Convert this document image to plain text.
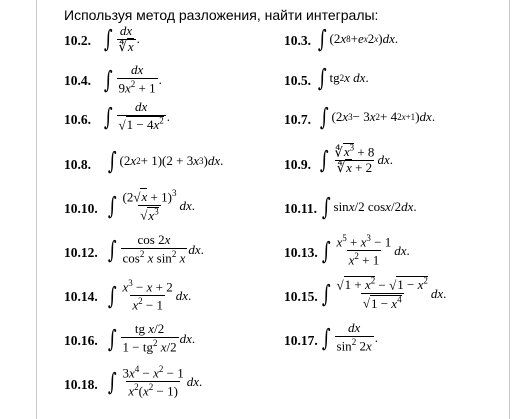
Используя метод разложения, найти интегралы:
10.2. ∫ $\frac{dx}{∜x}$ .	10.3. ∫ (2 x 8 + e x 2 x ) dx .
10.4. ∫ $\frac{dx}{9x^2 + 1}$ .	10.5. ∫ tg 2 x dx .
10.6. ∫ $\frac{dx}{√1 - 4x^2}$ .	10.7. ∫ (2 x 3 − 3 x 2 + 4 2x+1 ) dx .
10.8. ∫ (2 x 2 + 1)(2 + 3 x 3 ) dx .	10.9. ∫ $\frac{∜x^3 + 8}{∜x + 2}$ dx .
10.10. ∫ $\frac{(2√x + 1)^3}{√x^3}$ dx .	10.11. ∫ sin x /2 cos x /2 dx .
10.12. ∫ $\frac{\cos 2x}{\cos^2 x \sin^2 x}$ dx .	10.13. ∫ $\frac{x^5 + x^3 - 1}{x^2 + 1}$ dx .
10.14. ∫ $\frac{x^3 - x + 2}{x^2 - 1}$ dx .	10.15. ∫ $\frac{√1 + x^2 - √1 - x^2}{√1 - x^4}$ dx .
10.16. ∫ $\frac{\text{tg x/2}}{1 - tg^2 x/2}$ dx .	10.17. ∫ $\frac{dx}{\sin^2 2x}$ .
10.18. ∫ $\frac{3x^4 - x^2 - 1}{x^2(x^2 - 1)}$ dx .
